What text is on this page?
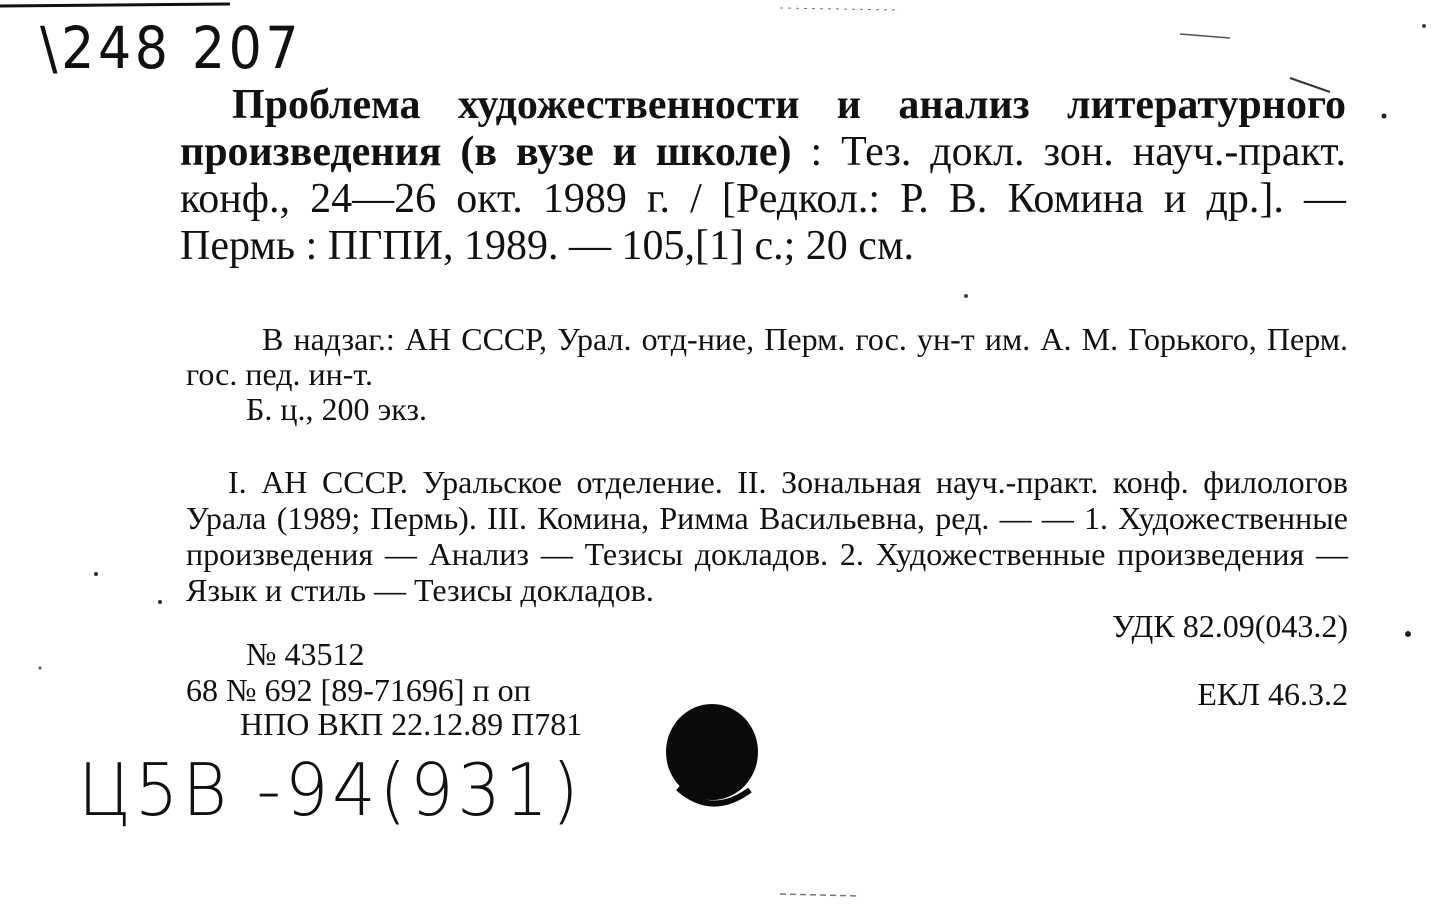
\248 207
Проблема художественности и анализ литературного произведения (в вузе и школе) : Тез. докл. зон. науч.-практ. конф., 24—26 окт. 1989 г. / [Редкол.: Р. В. Комина и др.]. — Пермь : ПГПИ, 1989. — 105,[1] с.; 20 см.
В надзаг.: АН СССР, Урал. отд-ние, Перм. гос. ун-т им. А. М. Горького, Перм. гос. пед. ин-т.
Б. ц., 200 экз.
I. АН СССР. Уральское отделение. II. Зональная науч.-практ. конф. филологов Урала (1989; Пермь). III. Комина, Римма Васильевна, ред. — — 1. Художественные произведения — Анализ — Тезисы докладов. 2. Художественные произведения — Язык и стиль — Тезисы докладов.
УДК 82.09(043.2)
№ 43512
68 № 692 [89-71696] п оп
НПО ВКП 22.12.89 П781
ЕКЛ 46.3.2
Ц5В -94(931)
